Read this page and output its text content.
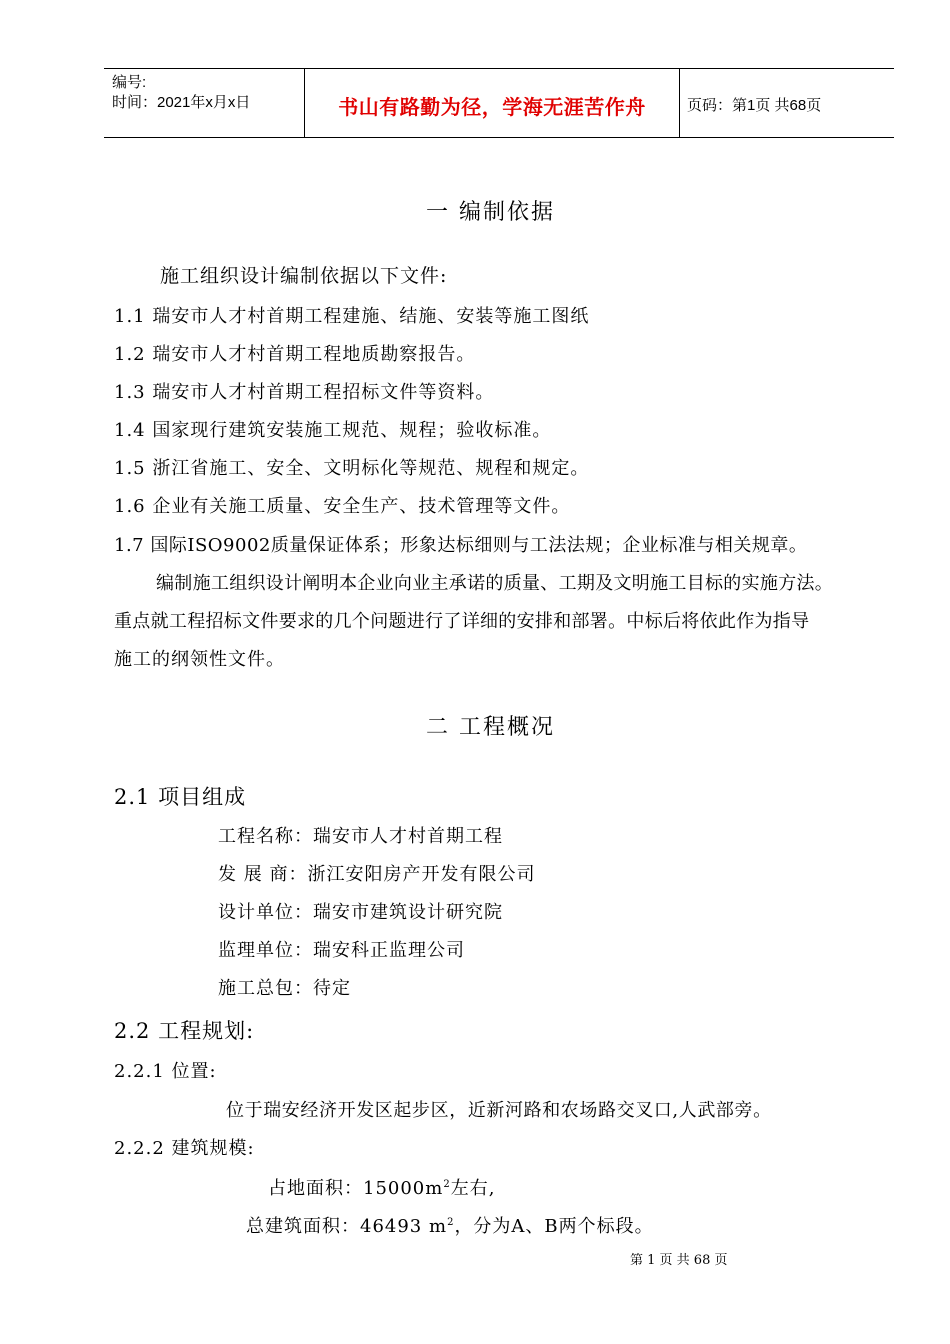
编号:
时间：2021年x月x日	书山有路勤为径，学海无涯苦作舟	页码：第1页 共68页
一 编制依据
施工组织设计编制依据以下文件:
1.1 瑞安市人才村首期工程建施、结施、安装等施工图纸
1.2 瑞安市人才村首期工程地质勘察报告。
1.3 瑞安市人才村首期工程招标文件等资料。
1.4 国家现行建筑安装施工规范、规程；验收标准。
1.5 浙江省施工、安全、文明标化等规范、规程和规定。
1.6 企业有关施工质量、安全生产、技术管理等文件。
1.7 国际ISO9002质量保证体系；形象达标细则与工法法规；企业标准与相关规章。
编制施工组织设计阐明本企业向业主承诺的质量、工期及文明施工目标的实施方法。
重点就工程招标文件要求的几个问题进行了详细的安排和部署。中标后将依此作为指导
施工的纲领性文件。
二 工程概况
2.1 项目组成
工程名称：瑞安市人才村首期工程
发 展 商：浙江安阳房产开发有限公司
设计单位：瑞安市建筑设计研究院
监理单位：瑞安科正监理公司
施工总包：待定
2.2 工程规划:
2.2.1 位置:
位于瑞安经济开发区起步区，近新河路和农场路交叉口,人武部旁。
2.2.2 建筑规模:
占地面积：$15000m^2$左右,
总建筑面积：46493 $m^2$，分为A、B两个标段。
第 1 页 共 68 页
